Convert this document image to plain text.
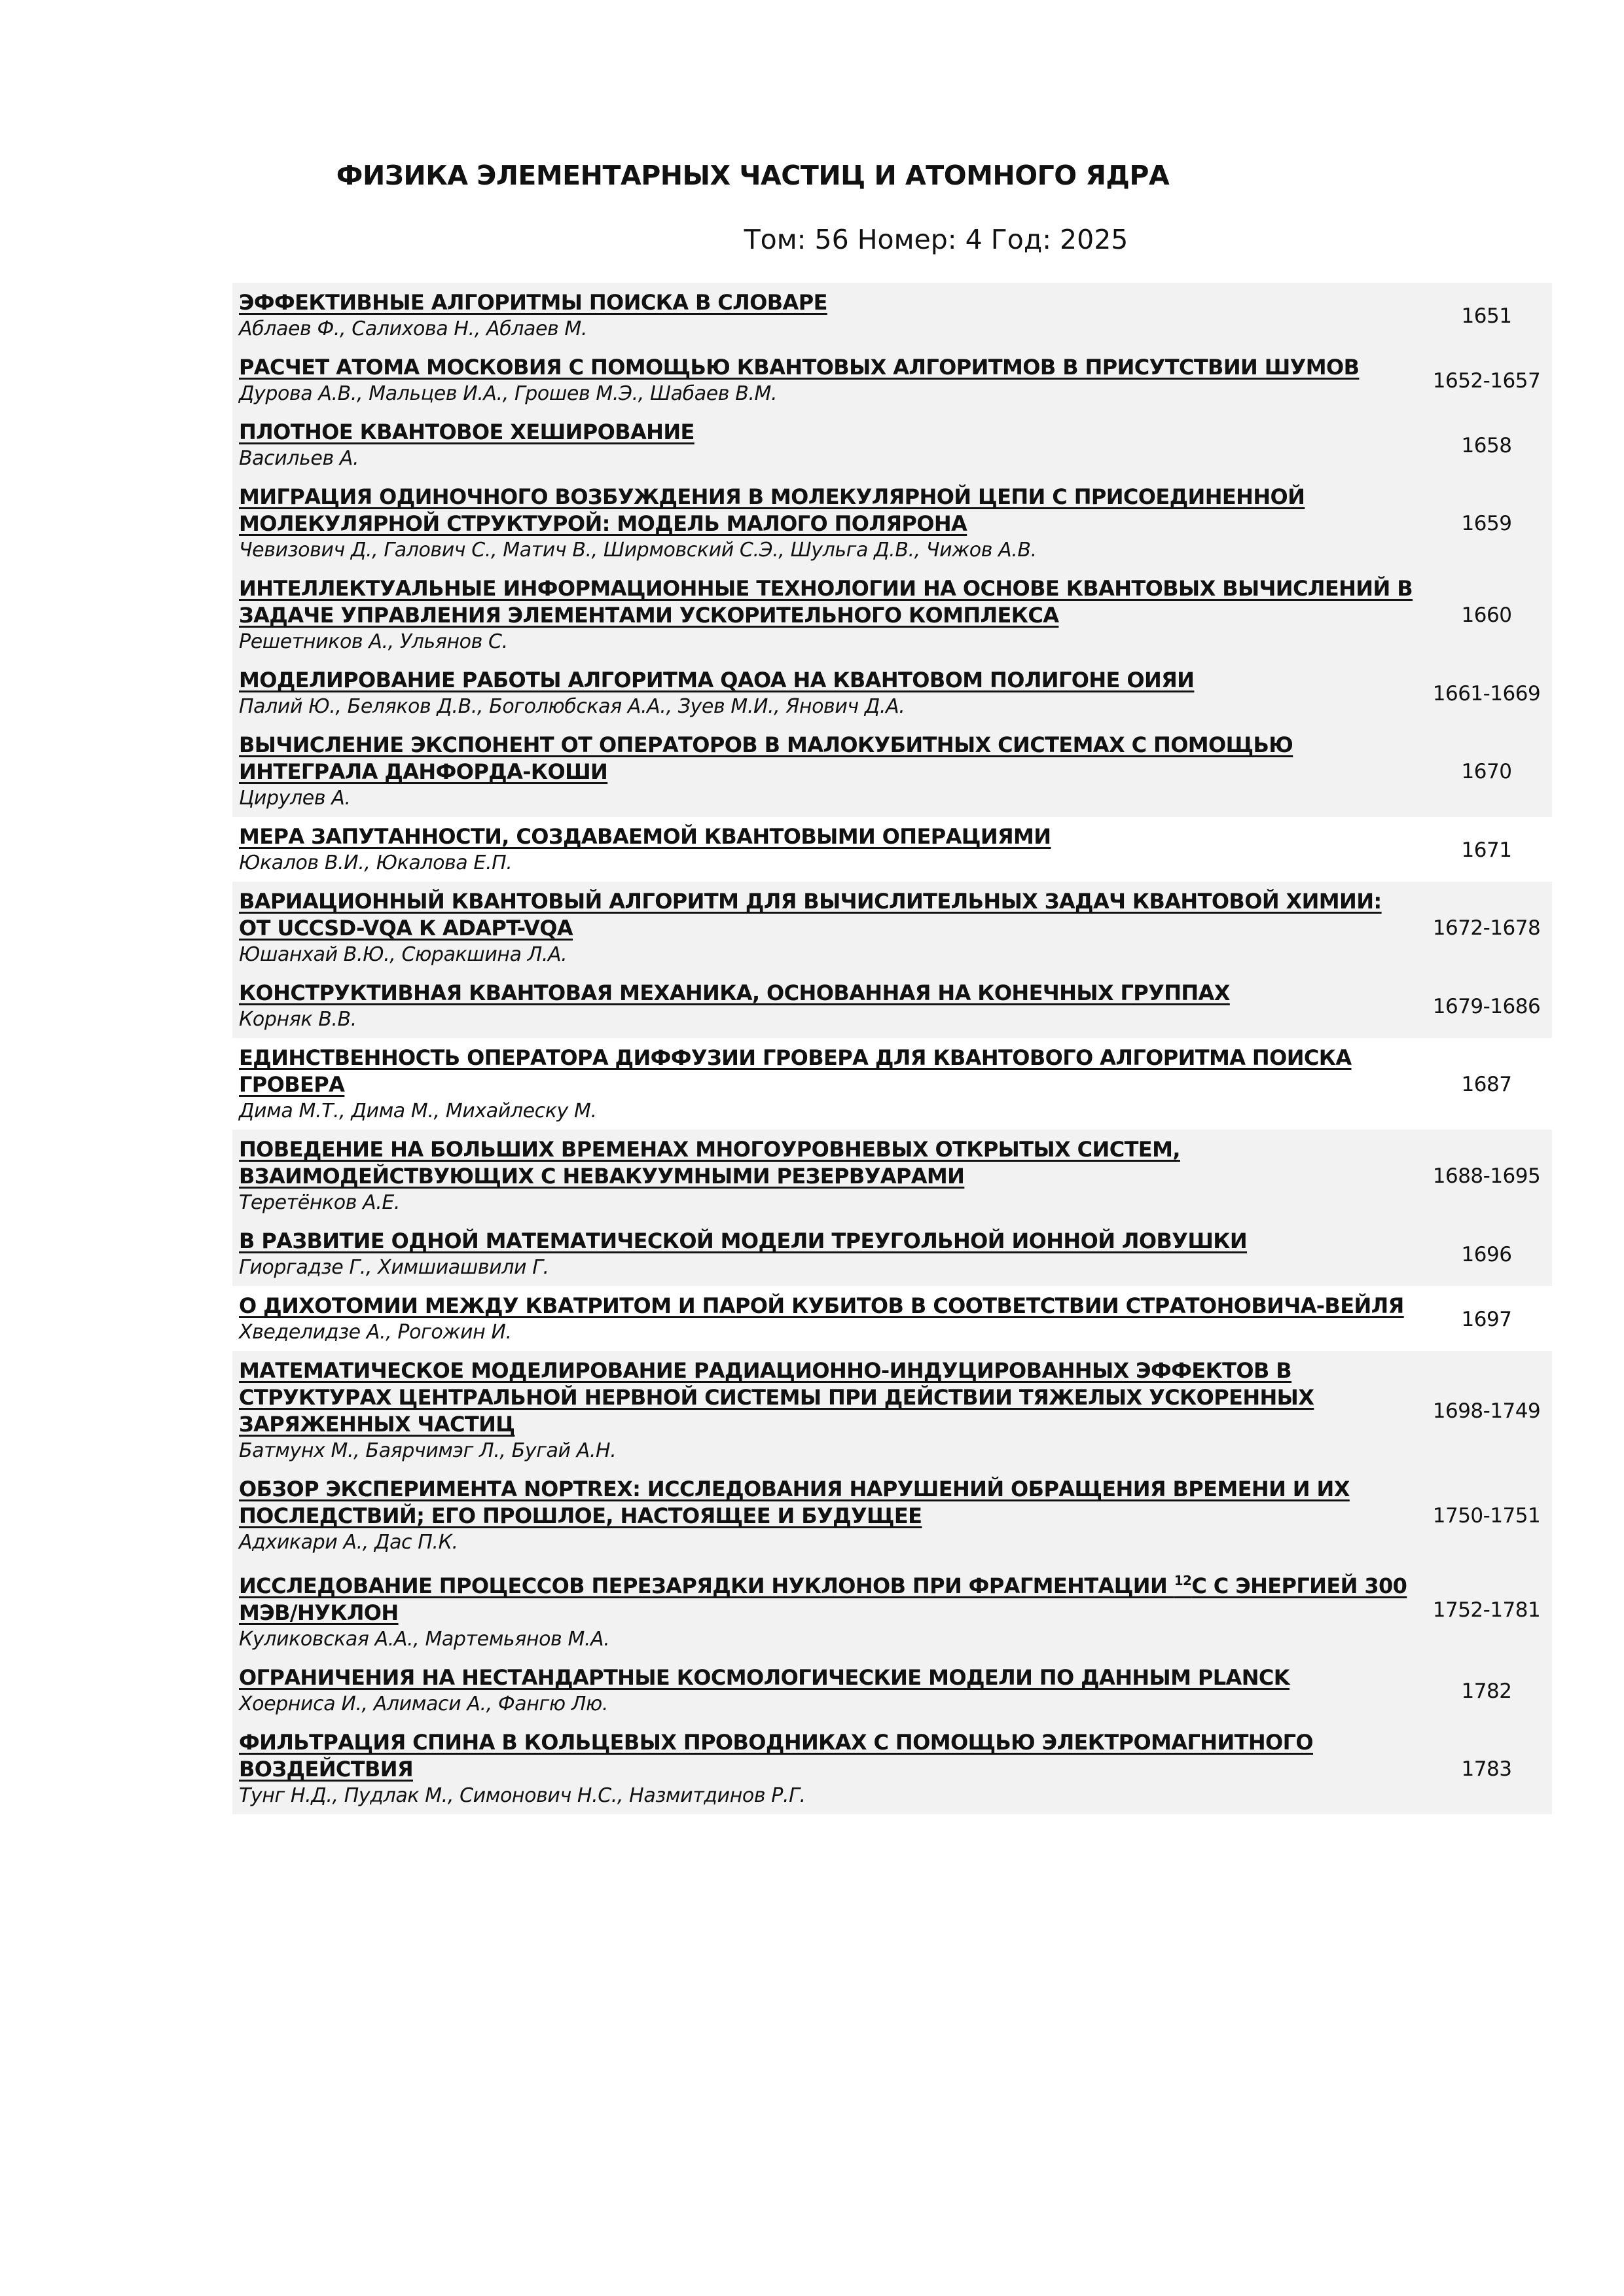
ФИЗИКА ЭЛЕМЕНТАРНЫХ ЧАСТИЦ И АТОМНОГО ЯДРА
Том: 56 Номер: 4 Год: 2025
ЭФФЕКТИВНЫЕ АЛГОРИТМЫ ПОИСКА В СЛОВАРЕ
Аблаев Ф., Салихова Н., Аблаев М.
1651
РАСЧЕТ АТОМА МОСКОВИЯ С ПОМОЩЬЮ КВАНТОВЫХ АЛГОРИТМОВ В ПРИСУТСТВИИ ШУМОВ
Дурова А.В., Мальцев И.А., Грошев М.Э., Шабаев В.М.
1652-1657
ПЛОТНОЕ КВАНТОВОЕ ХЕШИРОВАНИЕ
Васильев А.
1658
МИГРАЦИЯ ОДИНОЧНОГО ВОЗБУЖДЕНИЯ В МОЛЕКУЛЯРНОЙ ЦЕПИ С ПРИСОЕДИНЕННОЙ МОЛЕКУЛЯРНОЙ СТРУКТУРОЙ: МОДЕЛЬ МАЛОГО ПОЛЯРОНА
Чевизович Д., Галович С., Матич В., Ширмовский С.Э., Шульга Д.В., Чижов А.В.
1659
ИНТЕЛЛЕКТУАЛЬНЫЕ ИНФОРМАЦИОННЫЕ ТЕХНОЛОГИИ НА ОСНОВЕ КВАНТОВЫХ ВЫЧИСЛЕНИЙ В ЗАДАЧЕ УПРАВЛЕНИЯ ЭЛЕМЕНТАМИ УСКОРИТЕЛЬНОГО КОМПЛЕКСА
Решетников А., Ульянов С.
1660
МОДЕЛИРОВАНИЕ РАБОТЫ АЛГОРИТМА QAOA НА КВАНТОВОМ ПОЛИГОНЕ ОИЯИ
Палий Ю., Беляков Д.В., Боголюбская А.А., Зуев М.И., Янович Д.А.
1661-1669
ВЫЧИСЛЕНИЕ ЭКСПОНЕНТ ОТ ОПЕРАТОРОВ В МАЛОКУБИТНЫХ СИСТЕМАХ С ПОМОЩЬЮ ИНТЕГРАЛА ДАНФОРДА-КОШИ
Цирулев А.
1670
МЕРА ЗАПУТАННОСТИ, СОЗДАВАЕМОЙ КВАНТОВЫМИ ОПЕРАЦИЯМИ
Юкалов В.И., Юкалова Е.П.
1671
ВАРИАЦИОННЫЙ КВАНТОВЫЙ АЛГОРИТМ ДЛЯ ВЫЧИСЛИТЕЛЬНЫХ ЗАДАЧ КВАНТОВОЙ ХИМИИ: ОТ UCCSD-VQA К ADAPT-VQA
Юшанхай В.Ю., Сюракшина Л.А.
1672-1678
КОНСТРУКТИВНАЯ КВАНТОВАЯ МЕХАНИКА, ОСНОВАННАЯ НА КОНЕЧНЫХ ГРУППАХ
Корняк В.В.
1679-1686
ЕДИНСТВЕННОСТЬ ОПЕРАТОРА ДИФФУЗИИ ГРОВЕРА ДЛЯ КВАНТОВОГО АЛГОРИТМА ПОИСКА ГРОВЕРА
Дима М.Т., Дима М., Михайлеску М.
1687
ПОВЕДЕНИЕ НА БОЛЬШИХ ВРЕМЕНАХ МНОГОУРОВНЕВЫХ ОТКРЫТЫХ СИСТЕМ, ВЗАИМОДЕЙСТВУЮЩИХ С НЕВАКУУМНЫМИ РЕЗЕРВУАРАМИ
Теретёнков А.Е.
1688-1695
В РАЗВИТИЕ ОДНОЙ МАТЕМАТИЧЕСКОЙ МОДЕЛИ ТРЕУГОЛЬНОЙ ИОННОЙ ЛОВУШКИ
Гиоргадзе Г., Химшиашвили Г.
1696
О ДИХОТОМИИ МЕЖДУ КВАТРИТОМ И ПАРОЙ КУБИТОВ В СООТВЕТСТВИИ СТРАТОНОВИЧА-ВЕЙЛЯ
Хведелидзе А., Рогожин И.
1697
МАТЕМАТИЧЕСКОЕ МОДЕЛИРОВАНИЕ РАДИАЦИОННО-ИНДУЦИРОВАННЫХ ЭФФЕКТОВ В СТРУКТУРАХ ЦЕНТРАЛЬНОЙ НЕРВНОЙ СИСТЕМЫ ПРИ ДЕЙСТВИИ ТЯЖЕЛЫХ УСКОРЕННЫХ ЗАРЯЖЕННЫХ ЧАСТИЦ
Батмунх М., Баярчимэг Л., Бугай А.Н.
1698-1749
ОБЗОР ЭКСПЕРИМЕНТА NOPTREX: ИССЛЕДОВАНИЯ НАРУШЕНИЙ ОБРАЩЕНИЯ ВРЕМЕНИ И ИХ ПОСЛЕДСТВИЙ; ЕГО ПРОШЛОЕ, НАСТОЯЩЕЕ И БУДУЩЕЕ
Адхикари А., Дас П.К.
1750-1751
ИССЛЕДОВАНИЕ ПРОЦЕССОВ ПЕРЕЗАРЯДКИ НУКЛОНОВ ПРИ ФРАГМЕНТАЦИИ $^{12}$C С ЭНЕРГИЕЙ 300 МЭВ/НУКЛОН
Куликовская А.А., Мартемьянов М.А.
1752-1781
ОГРАНИЧЕНИЯ НА НЕСТАНДАРТНЫЕ КОСМОЛОГИЧЕСКИЕ МОДЕЛИ ПО ДАННЫМ PLANCK
Хоерниса И., Алимаси А., Фангю Лю.
1782
ФИЛЬТРАЦИЯ СПИНА В КОЛЬЦЕВЫХ ПРОВОДНИКАХ С ПОМОЩЬЮ ЭЛЕКТРОМАГНИТНОГО ВОЗДЕЙСТВИЯ
Тунг Н.Д., Пудлак М., Симонович Н.С., Назмитдинов Р.Г.
1783
